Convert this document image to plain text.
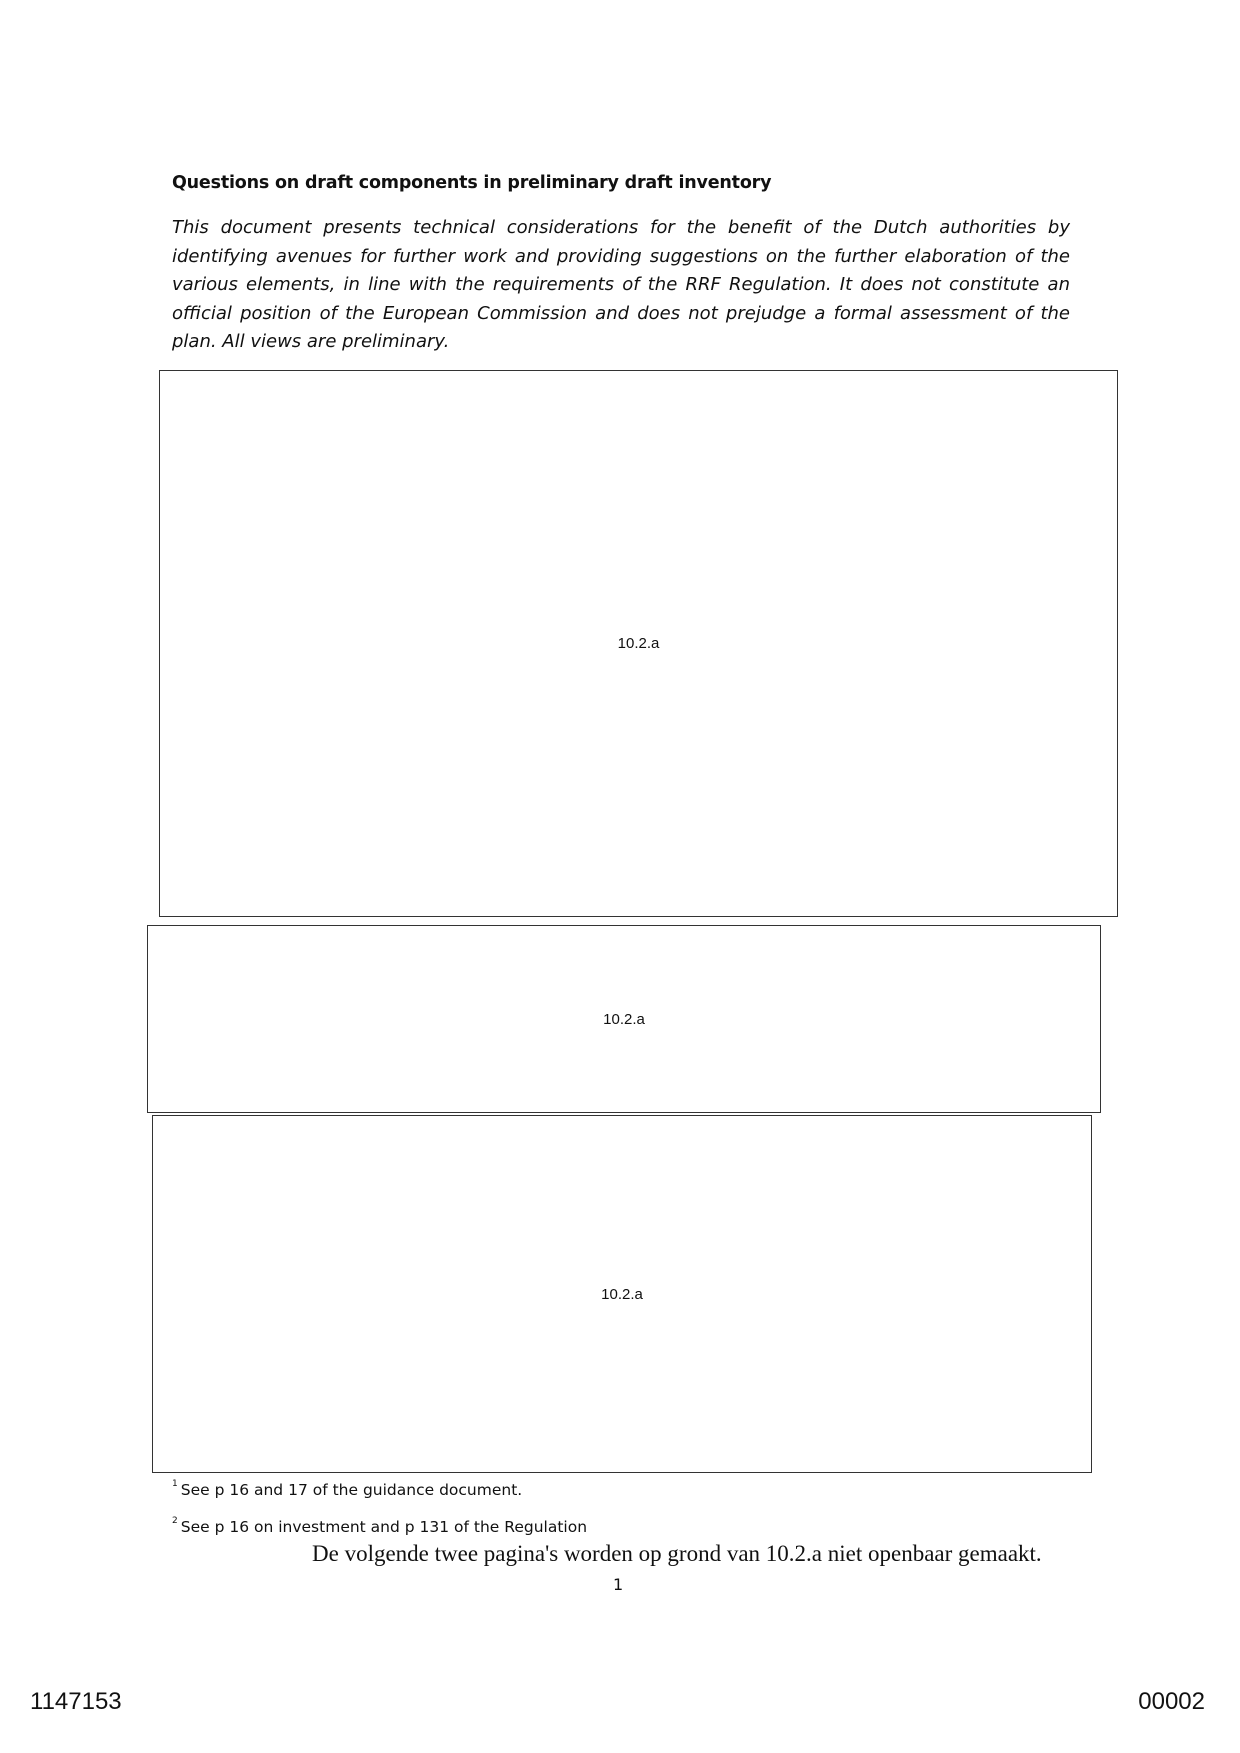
Questions on draft components in preliminary draft inventory
This document presents technical considerations for the benefit of the Dutch authorities by identifying avenues for further work and providing suggestions on the further elaboration of the various elements, in line with the requirements of the RRF Regulation. It does not constitute an official position of the European Commission and does not prejudge a formal assessment of the plan. All views are preliminary.
10.2.a
10.2.a
10.2.a
$^1$ See p 16 and 17 of the guidance document.
$^2$ See p 16 on investment and p 131 of the Regulation
De volgende twee pagina's worden op grond van 10.2.a niet openbaar gemaakt.
1
1147153	00002
